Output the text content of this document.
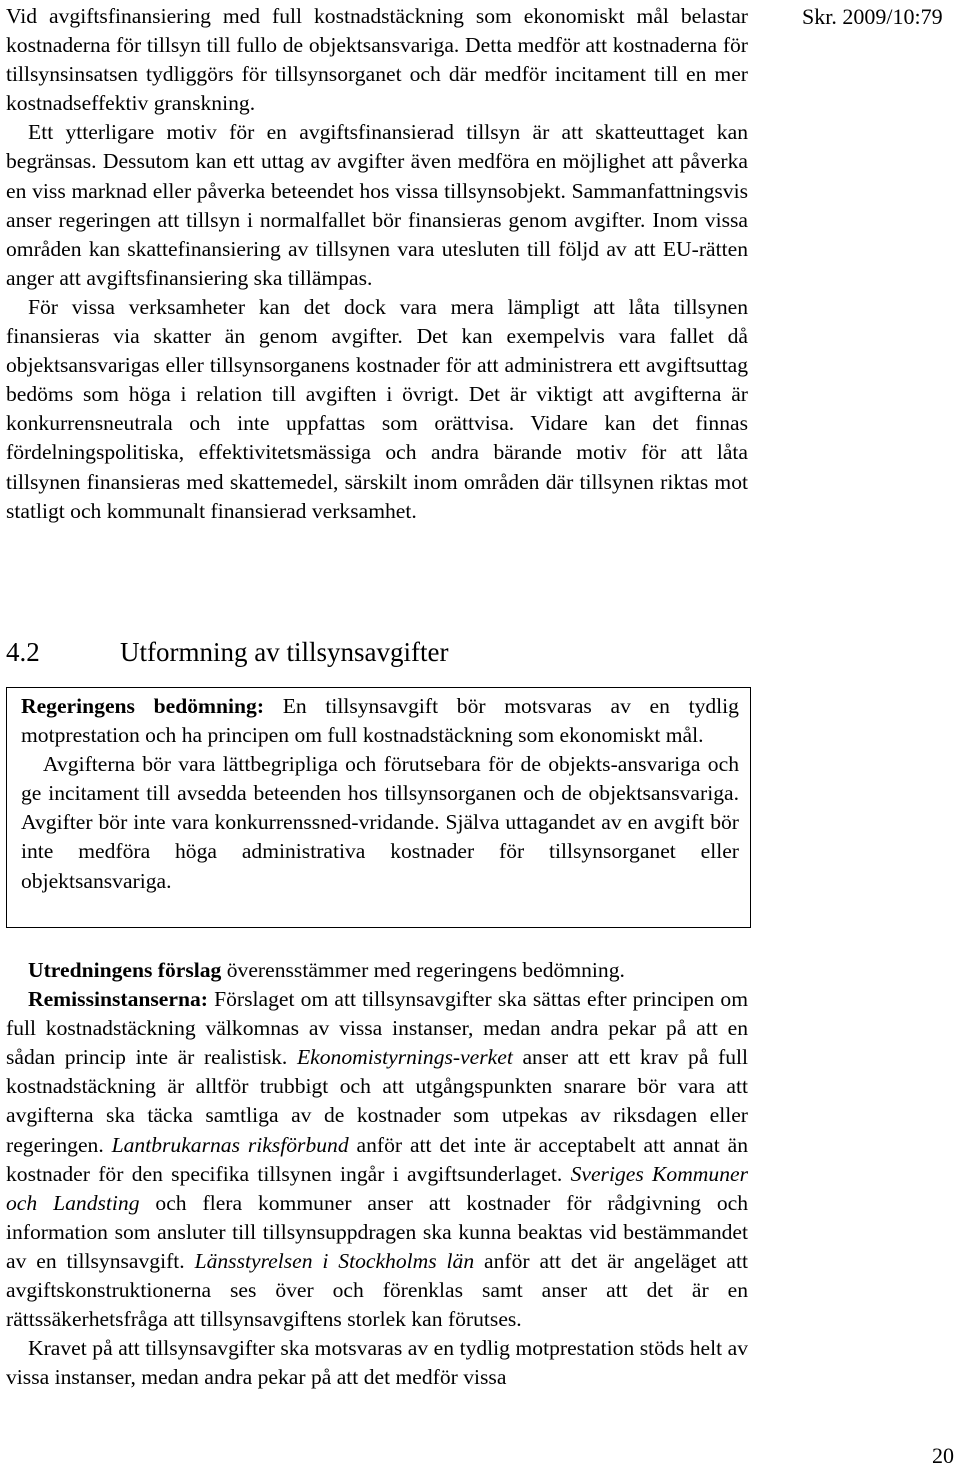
Skr. 2009/10:79

Vid avgiftsfinansiering med full kostnadstäckning som ekonomiskt mål belastar kostnaderna för tillsyn till fullo de objektsansvariga. Detta medför att kostnaderna för tillsynsinsatsen tydliggörs för tillsynsorganet och där medför incitament till en mer kostnadseffektiv granskning.

Ett ytterligare motiv för en avgiftsfinansierad tillsyn är att skatteuttaget kan begränsas. Dessutom kan ett uttag av avgifter även medföra en möjlighet att påverka en viss marknad eller påverka beteendet hos vissa tillsynsobjekt. Sammanfattningsvis anser regeringen att tillsyn i normalfallet bör finansieras genom avgifter. Inom vissa områden kan skattefinansiering av tillsynen vara utesluten till följd av att EU-rätten anger att avgiftsfinansiering ska tillämpas.

För vissa verksamheter kan det dock vara mera lämpligt att låta tillsynen finansieras via skatter än genom avgifter. Det kan exempelvis vara fallet då objektsansvarigas eller tillsynsorganens kostnader för att administrera ett avgiftsuttag bedöms som höga i relation till avgiften i övrigt. Det är viktigt att avgifterna är konkurrensneutrala och inte uppfattas som orättvisa. Vidare kan det finnas fördelningspolitiska, effektivitetsmässiga och andra bärande motiv för att låta tillsynen finansieras med skattemedel, särskilt inom områden där tillsynen riktas mot statligt och kommunalt finansierad verksamhet.

4.2	Utformning av tillsynsavgifter

Regeringens bedömning: En tillsynsavgift bör motsvaras av en tydlig motprestation och ha principen om full kostnadstäckning som ekonomiskt mål.

Avgifterna bör vara lättbegripliga och förutsebara för de objekts-ansvariga och ge incitament till avsedda beteenden hos tillsynsorganen och de objektsansvariga. Avgifter bör inte vara konkurrenssned-vridande. Själva uttagandet av en avgift bör inte medföra höga administrativa kostnader för tillsynsorganet eller objektsansvariga.

Utredningens förslag överensstämmer med regeringens bedömning.

Remissinstanserna: Förslaget om att tillsynsavgifter ska sättas efter principen om full kostnadstäckning välkomnas av vissa instanser, medan andra pekar på att en sådan princip inte är realistisk. Ekonomistyrnings-verket anser att ett krav på full kostnadstäckning är alltför trubbigt och att utgångspunkten snarare bör vara att avgifterna ska täcka samtliga av de kostnader som utpekas av riksdagen eller regeringen. Lantbrukarnas riksförbund anför att det inte är acceptabelt att annat än kostnader för den specifika tillsynen ingår i avgiftsunderlaget. Sveriges Kommuner och Landsting och flera kommuner anser att kostnader för rådgivning och information som ansluter till tillsynsuppdragen ska kunna beaktas vid bestämmandet av en tillsynsavgift. Länsstyrelsen i Stockholms län anför att det är angeläget att avgiftskonstruktionerna ses över och förenklas samt anser att det är en rättssäkerhetsfråga att tillsynsavgiftens storlek kan förutses.

Kravet på att tillsynsavgifter ska motsvaras av en tydlig motprestation stöds helt av vissa instanser, medan andra pekar på att det medför vissa

20
